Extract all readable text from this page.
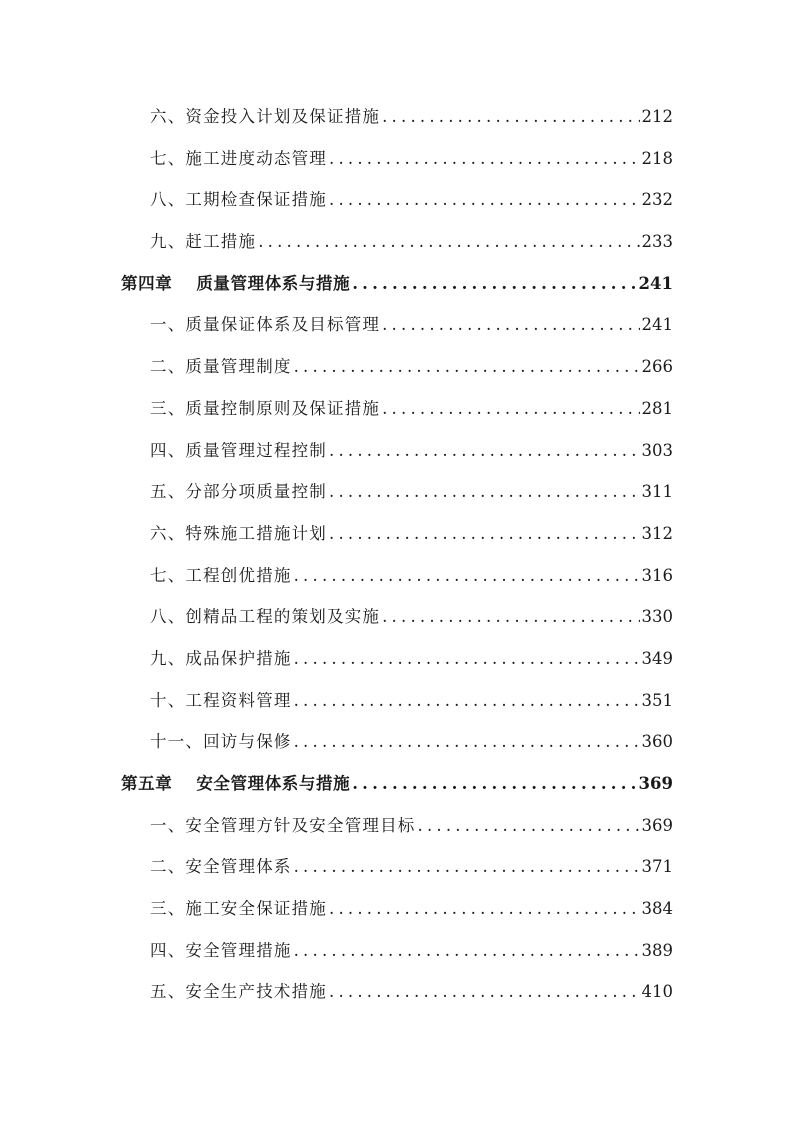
六、资金投入计划及保证措施 .....	212
七、施工进度动态管理 .....	218
八、工期检查保证措施 .....	232
九、赶工措施 .....	233
第四章 质量管理体系与措施 .....	241
一、质量保证体系及目标管理 .....	241
二、质量管理制度 .....	266
三、质量控制原则及保证措施 .....	281
四、质量管理过程控制 .....	303
五、分部分项质量控制 .....	311
六、特殊施工措施计划 .....	312
七、工程创优措施 .....	316
八、创精品工程的策划及实施 .....	330
九、成品保护措施 .....	349
十、工程资料管理 .....	351
十一、回访与保修 .....	360
第五章 安全管理体系与措施 .....	369
一、安全管理方针及安全管理目标 .....	369
二、安全管理体系 .....	371
三、施工安全保证措施 .....	384
四、安全管理措施 .....	389
五、安全生产技术措施 .....	410
